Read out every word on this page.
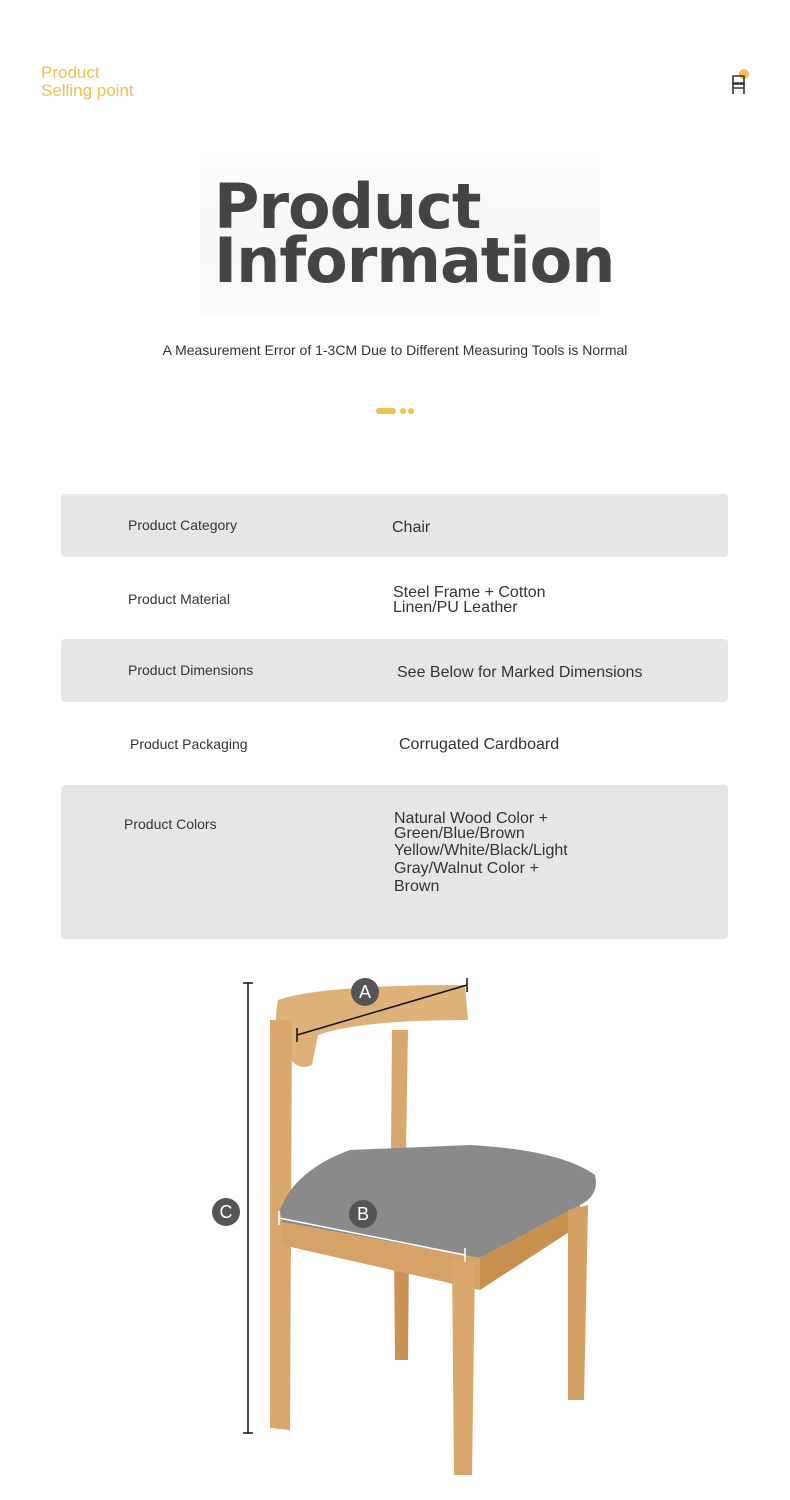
Product
Selling point
Product
Information
A Measurement Error of 1-3CM Due to Different Measuring Tools is Normal
Product Category	Chair
Product Material	Steel Frame + Cotton
Linen/PU Leather
Product Dimensions	See Below for Marked Dimensions
Product Packaging	Corrugated Cardboard
Product Colors	Natural Wood Color +
Green/Blue/Brown
Yellow/White/Black/Light
Gray/Walnut Color +
Brown
A
B
C
